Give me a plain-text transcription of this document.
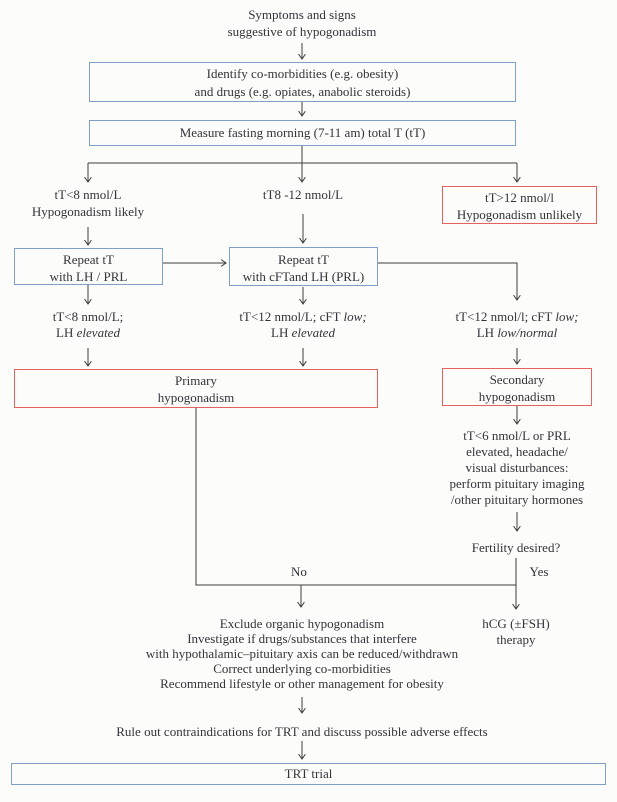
Symptoms and signs
suggestive of hypogonadism
Identify co-morbidities (e.g. obesity)
and drugs (e.g. opiates, anabolic steroids)
Measure fasting morning (7-11 am) total T (tT)
tT<8 nmol/L
Hypogonadism likely
tT8 -12 nmol/L	tT>12 nmol/l
Hypogonadism unlikely
Repeat tT
with LH / PRL
Repeat tT
with cFTand LH (PRL)
tT<8 nmol/L;
LH elevated
tT<12 nmol/L; cFT low;
LH elevated
tT<12 nmol/l; cFT low;
LH low/normal
Primary
hypogonadism
Secondary
hypogonadism
tT<6 nmol/L or PRL
elevated, headache/
visual disturbances:
perform pituitary imaging
/other pituitary hormones
Fertility desired?
No	Yes
hCG (±FSH)
therapy
Exclude organic hypogonadism
Investigate if drugs/substances that interfere
with hypothalamic–pituitary axis can be reduced/withdrawn
Correct underlying co-morbidities
Recommend lifestyle or other management for obesity
Rule out contraindications for TRT and discuss possible adverse effects
TRT trial
